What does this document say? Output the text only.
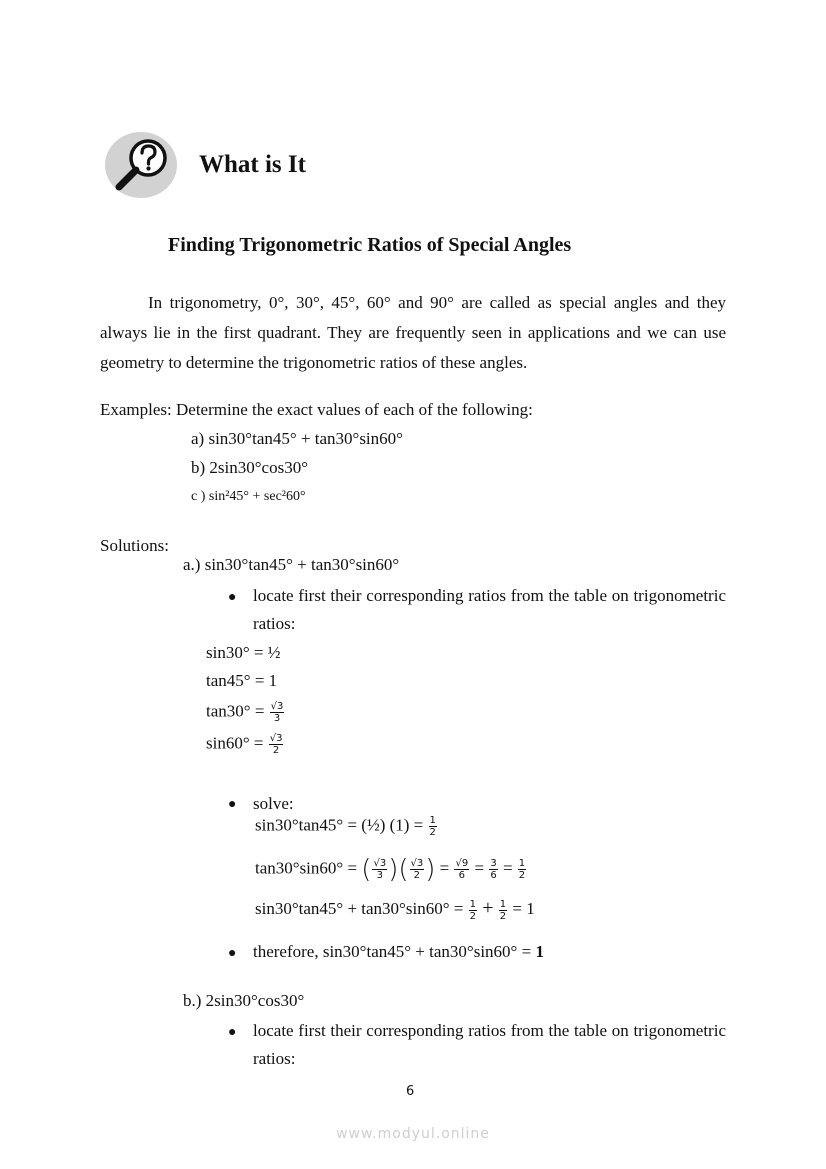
What is It
Finding Trigonometric Ratios of Special Angles
In trigonometry, 0°, 30°, 45°, 60° and 90° are called as special angles and they always lie in the first quadrant. They are frequently seen in applications and we can use geometry to determine the trigonometric ratios of these angles.
Examples: Determine the exact values of each of the following:
a) sin30°tan45° + tan30°sin60°
b) 2sin30°cos30°
c ) sin²45° + sec²60°
Solutions:
a.) sin30°tan45° + tan30°sin60°
● locate first their corresponding ratios from the table on trigonometric ratios:
sin30° = ½
tan45° = 1
$\tan 30^\circ = \frac{√3}{3}$
$\sin 60^\circ = \frac{√3}{2}$
● solve:
sin30°tan45° = (½) $(1) = \frac{1}{2}$
tan30°sin60° = ( $\frac{√3}{3}$ )( $\frac{√3}{2}$ ) = $\frac{√9}{6} = \frac{3}{6} = \frac{1}{2}$
$\sin 30^\circ\tan 45^\circ + \tan 30^\circ\sin 60^\circ = \frac{1}{2} + \frac{1}{2} = 1$
● therefore, sin30°tan45° + tan30°sin60° = 1
b.) 2sin30°cos30°
● locate first their corresponding ratios from the table on trigonometric ratios:
6
www.modyul.online
